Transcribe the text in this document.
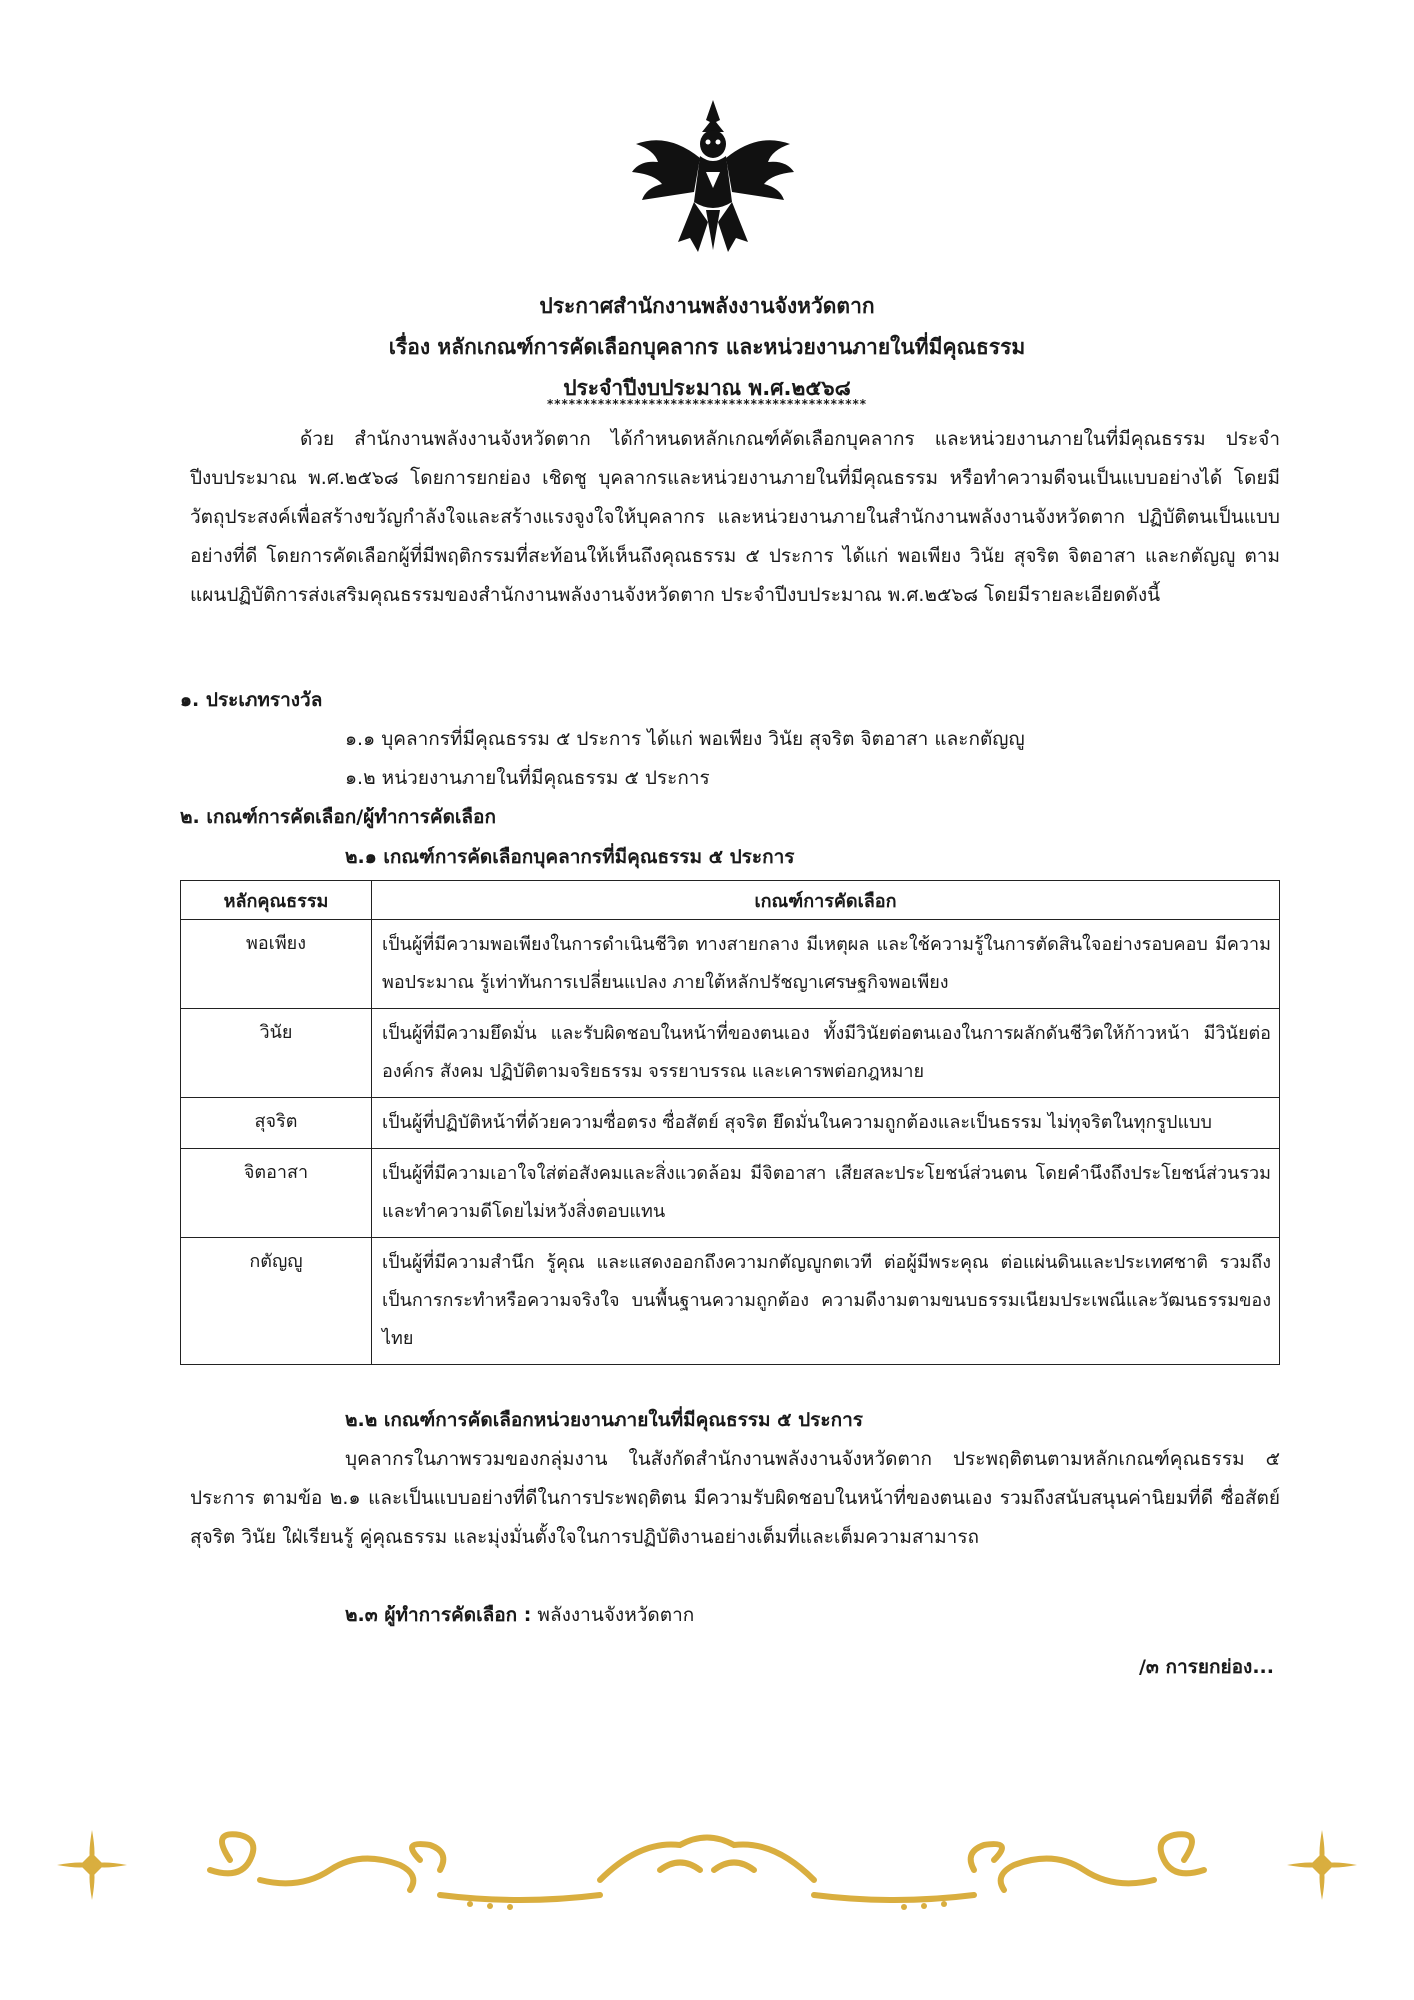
ประกาศสำนักงานพลังงานจังหวัดตาก
เรื่อง หลักเกณฑ์การคัดเลือกบุคลากร และหน่วยงานภายในที่มีคุณธรรม
ประจำปีงบประมาณ พ.ศ.๒๕๖๘
********************************************
ด้วย สำนักงานพลังงานจังหวัดตาก ได้กำหนดหลักเกณฑ์คัดเลือกบุคลากร และหน่วยงานภายในที่มีคุณธรรม ประจำปีงบประมาณ พ.ศ.๒๕๖๘ โดยการยกย่อง เชิดชู บุคลากรและหน่วยงานภายในที่มีคุณธรรม หรือทำความดีจนเป็นแบบอย่างได้ โดยมีวัตถุประสงค์เพื่อสร้างขวัญกำลังใจและสร้างแรงจูงใจให้บุคลากร และหน่วยงานภายในสำนักงานพลังงานจังหวัดตาก ปฏิบัติตนเป็นแบบอย่างที่ดี โดยการคัดเลือกผู้ที่มีพฤติกรรมที่สะท้อนให้เห็นถึงคุณธรรม ๕ ประการ ได้แก่ พอเพียง วินัย สุจริต จิตอาสา และกตัญญู ตามแผนปฏิบัติการส่งเสริมคุณธรรมของสำนักงานพลังงานจังหวัดตาก ประจำปีงบประมาณ พ.ศ.๒๕๖๘ โดยมีรายละเอียดดังนี้
๑. ประเภทรางวัล
๑.๑ บุคลากรที่มีคุณธรรม ๕ ประการ ได้แก่ พอเพียง วินัย สุจริต จิตอาสา และกตัญญู
๑.๒ หน่วยงานภายในที่มีคุณธรรม ๕ ประการ
๒. เกณฑ์การคัดเลือก/ผู้ทำการคัดเลือก
๒.๑ เกณฑ์การคัดเลือกบุคลากรที่มีคุณธรรม ๕ ประการ
หลักคุณธรรม	เกณฑ์การคัดเลือก
พอเพียง	เป็นผู้ที่มีความพอเพียงในการดำเนินชีวิต ทางสายกลาง มีเหตุผล และใช้ความรู้ในการตัดสินใจอย่างรอบคอบ มีความพอประมาณ รู้เท่าทันการเปลี่ยนแปลง ภายใต้หลักปรัชญาเศรษฐกิจพอเพียง
วินัย	เป็นผู้ที่มีความยึดมั่น และรับผิดชอบในหน้าที่ของตนเอง ทั้งมีวินัยต่อตนเองในการผลักดันชีวิตให้ก้าวหน้า มีวินัยต่อองค์กร สังคม ปฏิบัติตามจริยธรรม จรรยาบรรณ และเคารพต่อกฎหมาย
สุจริต	เป็นผู้ที่ปฏิบัติหน้าที่ด้วยความซื่อตรง ซื่อสัตย์ สุจริต ยึดมั่นในความถูกต้องและเป็นธรรม ไม่ทุจริตในทุกรูปแบบ
จิตอาสา	เป็นผู้ที่มีความเอาใจใส่ต่อสังคมและสิ่งแวดล้อม มีจิตอาสา เสียสละประโยชน์ส่วนตน โดยคำนึงถึงประโยชน์ส่วนรวม และทำความดีโดยไม่หวังสิ่งตอบแทน
กตัญญู	เป็นผู้ที่มีความสำนึก รู้คุณ และแสดงออกถึงความกตัญญูกตเวที ต่อผู้มีพระคุณ ต่อแผ่นดินและประเทศชาติ รวมถึงเป็นการกระทำหรือความจริงใจ บนพื้นฐานความถูกต้อง ความดีงามตามขนบธรรมเนียมประเพณีและวัฒนธรรมของไทย
๒.๒ เกณฑ์การคัดเลือกหน่วยงานภายในที่มีคุณธรรม ๕ ประการ
บุคลากรในภาพรวมของกลุ่มงาน ในสังกัดสำนักงานพลังงานจังหวัดตาก ประพฤติตนตามหลักเกณฑ์คุณธรรม ๕ ประการ ตามข้อ ๒.๑ และเป็นแบบอย่างที่ดีในการประพฤติตน มีความรับผิดชอบในหน้าที่ของตนเอง รวมถึงสนับสนุนค่านิยมที่ดี ซื่อสัตย์ สุจริต วินัย ใฝ่เรียนรู้ คู่คุณธรรม และมุ่งมั่นตั้งใจในการปฏิบัติงานอย่างเต็มที่และเต็มความสามารถ
๒.๓ ผู้ทำการคัดเลือก : พลังงานจังหวัดตาก
/๓ การยกย่อง...
